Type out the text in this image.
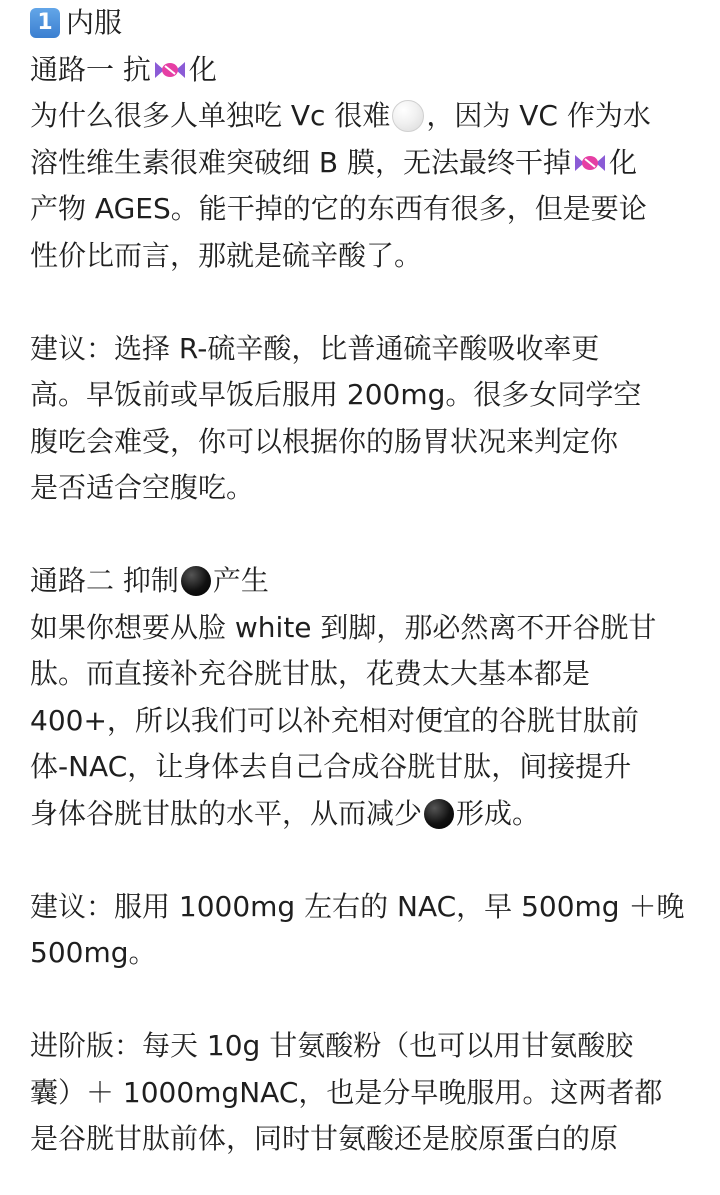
1 内服
通路一 抗 化
为什么很多人单独吃 Vc 很难 ，因为 VC 作为水
溶性维生素很难突破细 B 膜，无法最终干掉 化
产物 AGES。能干掉的它的东西有很多，但是要论
性价比而言，那就是硫辛酸了。
建议：选择 R-硫辛酸，比普通硫辛酸吸收率更
高。早饭前或早饭后服用 200mg。很多女同学空
腹吃会难受，你可以根据你的肠胃状况来判定你
是否适合空腹吃。
通路二 抑制 产生
如果你想要从脸 white 到脚，那必然离不开谷胱甘
肽。而直接补充谷胱甘肽，花费太大基本都是
400+，所以我们可以补充相对便宜的谷胱甘肽前
体-NAC，让身体去自己合成谷胱甘肽，间接提升
身体谷胱甘肽的水平，从而减少 形成。
建议：服用 1000mg 左右的 NAC，早 500mg ＋晚
500mg。
进阶版：每天 10g 甘氨酸粉（也可以用甘氨酸胶
囊）＋ 1000mgNAC，也是分早晚服用。这两者都
是谷胱甘肽前体，同时甘氨酸还是胶原蛋白的原
